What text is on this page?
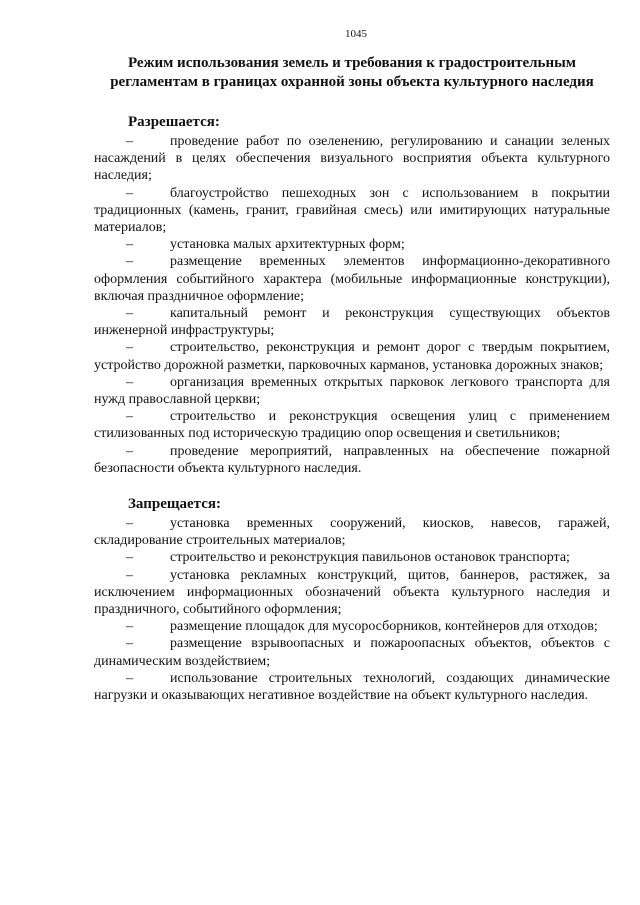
1045
Режим использования земель и требования к градостроительным
регламентам в границах охранной зоны объекта культурного наследия
Разрешается:
–	проведение работ по озеленению, регулированию и санации зеленых насаждений в целях обеспечения визуального восприятия объекта культурного наследия;
–	благоустройство пешеходных зон с использованием в покрытии традиционных (камень, гранит, гравийная смесь) или имитирующих натуральные материалов;
–	установка малых архитектурных форм;
–	размещение временных элементов информационно-декоративного оформления событийного характера (мобильные информационные конструкции), включая праздничное оформление;
–	капитальный ремонт и реконструкция существующих объектов инженерной инфраструктуры;
–	строительство, реконструкция и ремонт дорог с твердым покрытием, устройство дорожной разметки, парковочных карманов, установка дорожных знаков;
–	организация временных открытых парковок легкового транспорта для нужд православной церкви;
–	строительство и реконструкция освещения улиц с применением стилизованных под историческую традицию опор освещения и светильников;
–	проведение мероприятий, направленных на обеспечение пожарной безопасности объекта культурного наследия.
Запрещается:
–	установка временных сооружений, киосков, навесов, гаражей, складирование строительных материалов;
–	строительство и реконструкция павильонов остановок транспорта;
–	установка рекламных конструкций, щитов, баннеров, растяжек, за исключением информационных обозначений объекта культурного наследия и праздничного, событийного оформления;
–	размещение площадок для мусоросборников, контейнеров для отходов;
–	размещение взрывоопасных и пожароопасных объектов, объектов с динамическим воздействием;
–	использование строительных технологий, создающих динамические нагрузки и оказывающих негативное воздействие на объект культурного наследия.
